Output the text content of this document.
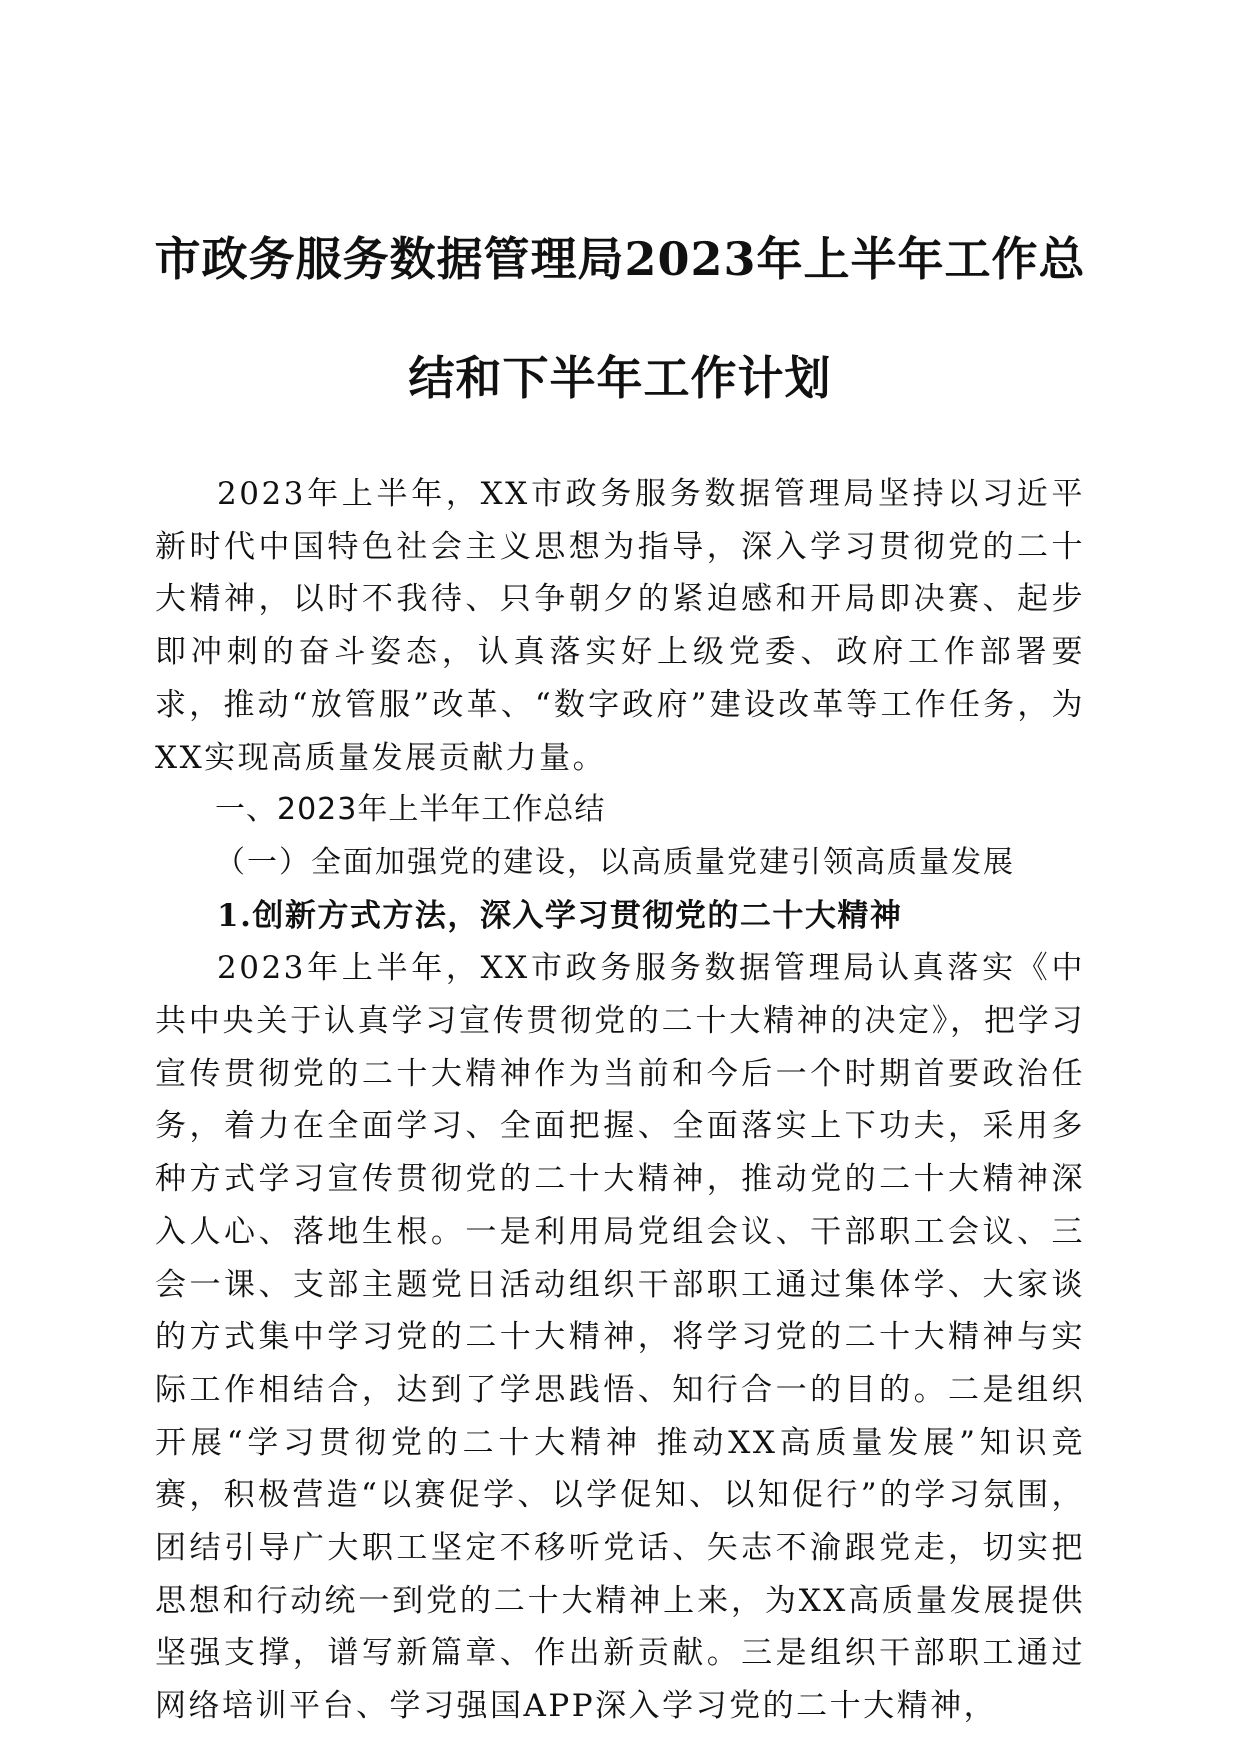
市政务服务数据管理局2023年上半年工作总
结和下半年工作计划

2023年上半年，XX市政务服务数据管理局坚持以习近平新时代中国特色社会主义思想为指导，深入学习贯彻党的二十大精神，以时不我待、只争朝夕的紧迫感和开局即决赛、起步即冲刺的奋斗姿态，认真落实好上级党委、政府工作部署要求，推动“放管服”改革、“数字政府”建设改革等工作任务，为XX实现高质量发展贡献力量。

一、2023年上半年工作总结

（一）全面加强党的建设，以高质量党建引领高质量发展

1.创新方式方法，深入学习贯彻党的二十大精神

2023年上半年，XX市政务服务数据管理局认真落实《中共中央关于认真学习宣传贯彻党的二十大精神的决定》，把学习宣传贯彻党的二十大精神作为当前和今后一个时期首要政治任务，着力在全面学习、全面把握、全面落实上下功夫，采用多种方式学习宣传贯彻党的二十大精神，推动党的二十大精神深入人心、落地生根。一是利用局党组会议、干部职工会议、三会一课、支部主题党日活动组织干部职工通过集体学、大家谈的方式集中学习党的二十大精神，将学习党的二十大精神与实际工作相结合，达到了学思践悟、知行合一的目的。二是组织开展“学习贯彻党的二十大精神 推动XX高质量发展”知识竞赛，积极营造“以赛促学、以学促知、以知促行”的学习氛围，团结引导广大职工坚定不移听党话、矢志不渝跟党走，切实把思想和行动统一到党的二十大精神上来，为XX高质量发展提供坚强支撑，谱写新篇章、作出新贡献。三是组织干部职工通过网络培训平台、学习强国APP深入学习党的二十大精神，
